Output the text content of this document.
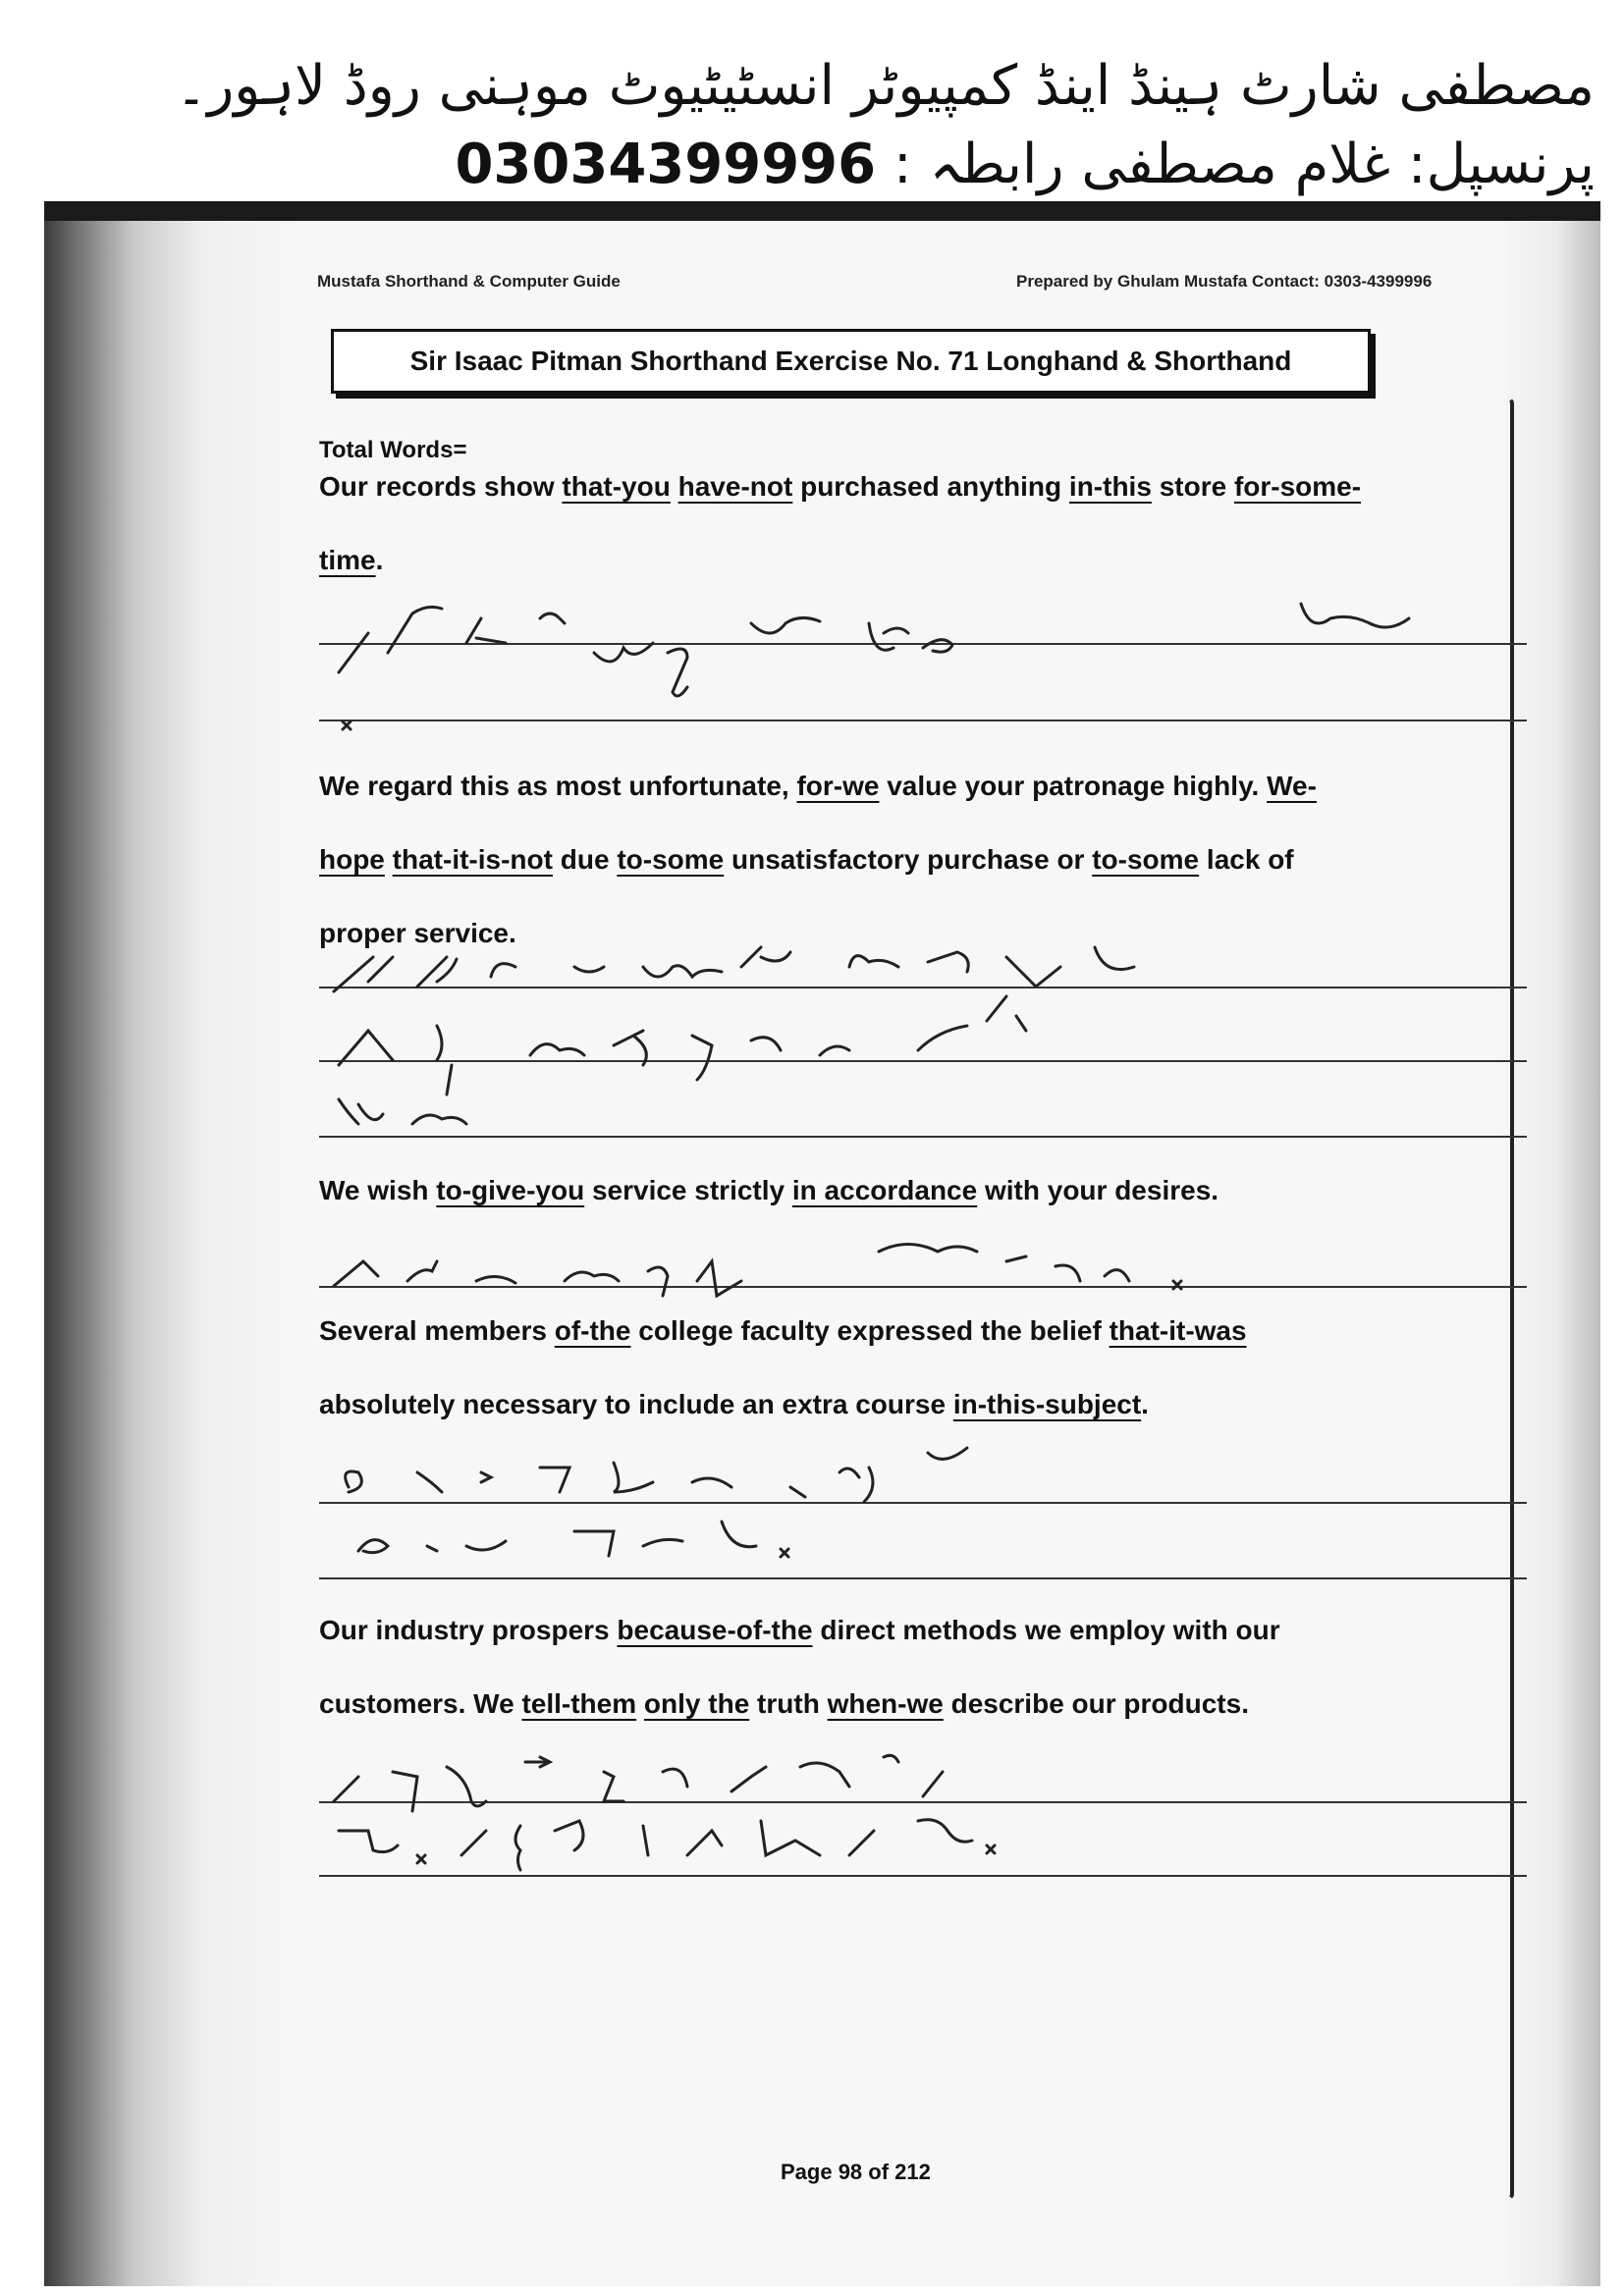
مصطفی شارٹ ہینڈ اینڈ کمپیوٹر انسٹیٹیوٹ موہنی روڈ لاہور۔
پرنسپل: غلام مصطفی رابطہ : 03034399996
Mustafa Shorthand & Computer Guide	Prepared by Ghulam Mustafa Contact: 0303-4399996
Sir Isaac Pitman Shorthand Exercise No. 71 Longhand & Shorthand
Total Words=
Our records show that-you have-not purchased anything in-this store for-some-
time.
We regard this as most unfortunate, for-we value your patronage highly. We-
hope that-it-is-not due to-some unsatisfactory purchase or to-some lack of
proper service.
We wish to-give-you service strictly in accordance with your desires.
Several members of-the college faculty expressed the belief that-it-was
absolutely necessary to include an extra course in-this-subject.
Our industry prospers because-of-the direct methods we employ with our
customers. We tell-them only the truth when-we describe our products.
Page 98 of 212
